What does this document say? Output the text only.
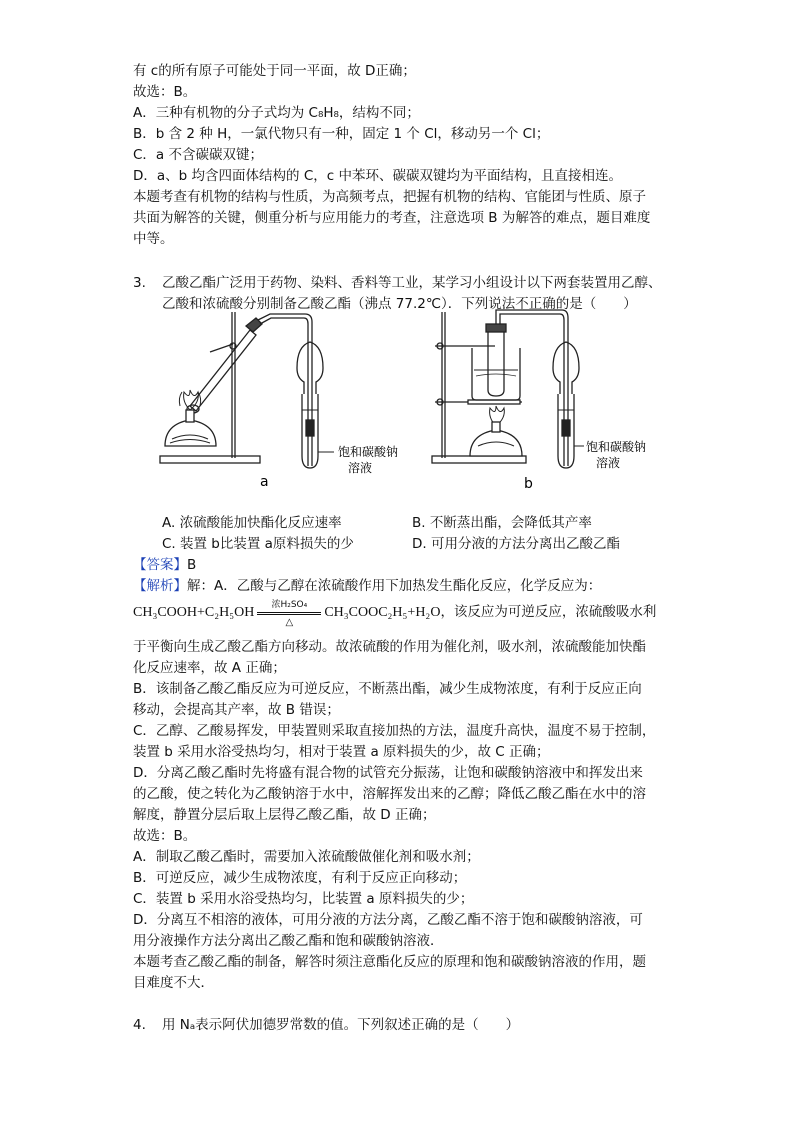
有 c的所有原子可能处于同一平面，故 D正确；
故选：B。
A．三种有机物的分子式均为 C₈H₈，结构不同；
B．b 含 2 种 H，一氯代物只有一种，固定 1 个 Cl，移动另一个 Cl；
C．a 不含碳碳双键；
D．a、b 均含四面体结构的 C，c 中苯环、碳碳双键均为平面结构，且直接相连。
本题考查有机物的结构与性质，为高频考点，把握有机物的结构、官能团与性质、原子
共面为解答的关键，侧重分析与应用能力的考查，注意选项 B 为解答的难点，题目难度
中等。
3. 乙酸乙酯广泛用于药物、染料、香料等工业，某学习小组设计以下两套装置用乙醇、
乙酸和浓硫酸分别制备乙酸乙酯（沸点 77.2℃）．下列说法不正确的是（　　）
饱和碳酸钠
溶液
饱和碳酸钠
溶液
a	b
A. 浓硫酸能加快酯化反应速率	B. 不断蒸出酯，会降低其产率
C. 装置 b比装置 a原料损失的少	D. 可用分液的方法分离出乙酸乙酯
【答案】B
【解析】解：A．乙酸与乙醇在浓硫酸作用下加热发生酯化反应，化学反应为：
CH₃COOH+C₂H₅OH
浓H₂SO₄
△
CH₃COOC₂H₅+H₂O，该反应为可逆反应，浓硫酸吸水利
于平衡向生成乙酸乙酯方向移动。故浓硫酸的作用为催化剂，吸水剂，浓硫酸能加快酯
化反应速率，故 A 正确；
B．该制备乙酸乙酯反应为可逆反应，不断蒸出酯，减少生成物浓度，有利于反应正向
移动，会提高其产率，故 B 错误；
C．乙醇、乙酸易挥发，甲装置则采取直接加热的方法，温度升高快，温度不易于控制，
装置 b 采用水浴受热均匀，相对于装置 a 原料损失的少，故 C 正确；
D．分离乙酸乙酯时先将盛有混合物的试管充分振荡，让饱和碳酸钠溶液中和挥发出来
的乙酸，使之转化为乙酸钠溶于水中，溶解挥发出来的乙醇；降低乙酸乙酯在水中的溶
解度，静置分层后取上层得乙酸乙酯，故 D 正确；
故选：B。
A．制取乙酸乙酯时，需要加入浓硫酸做催化剂和吸水剂；
B．可逆反应，减少生成物浓度，有利于反应正向移动；
C．装置 b 采用水浴受热均匀，比装置 a 原料损失的少；
D．分离互不相溶的液体，可用分液的方法分离，乙酸乙酯不溶于饱和碳酸钠溶液，可
用分液操作方法分离出乙酸乙酯和饱和碳酸钠溶液．
本题考查乙酸乙酯的制备，解答时须注意酯化反应的原理和饱和碳酸钠溶液的作用，题
目难度不大．
4. 用 Nₐ表示阿伏加德罗常数的值。下列叙述正确的是（　　）
